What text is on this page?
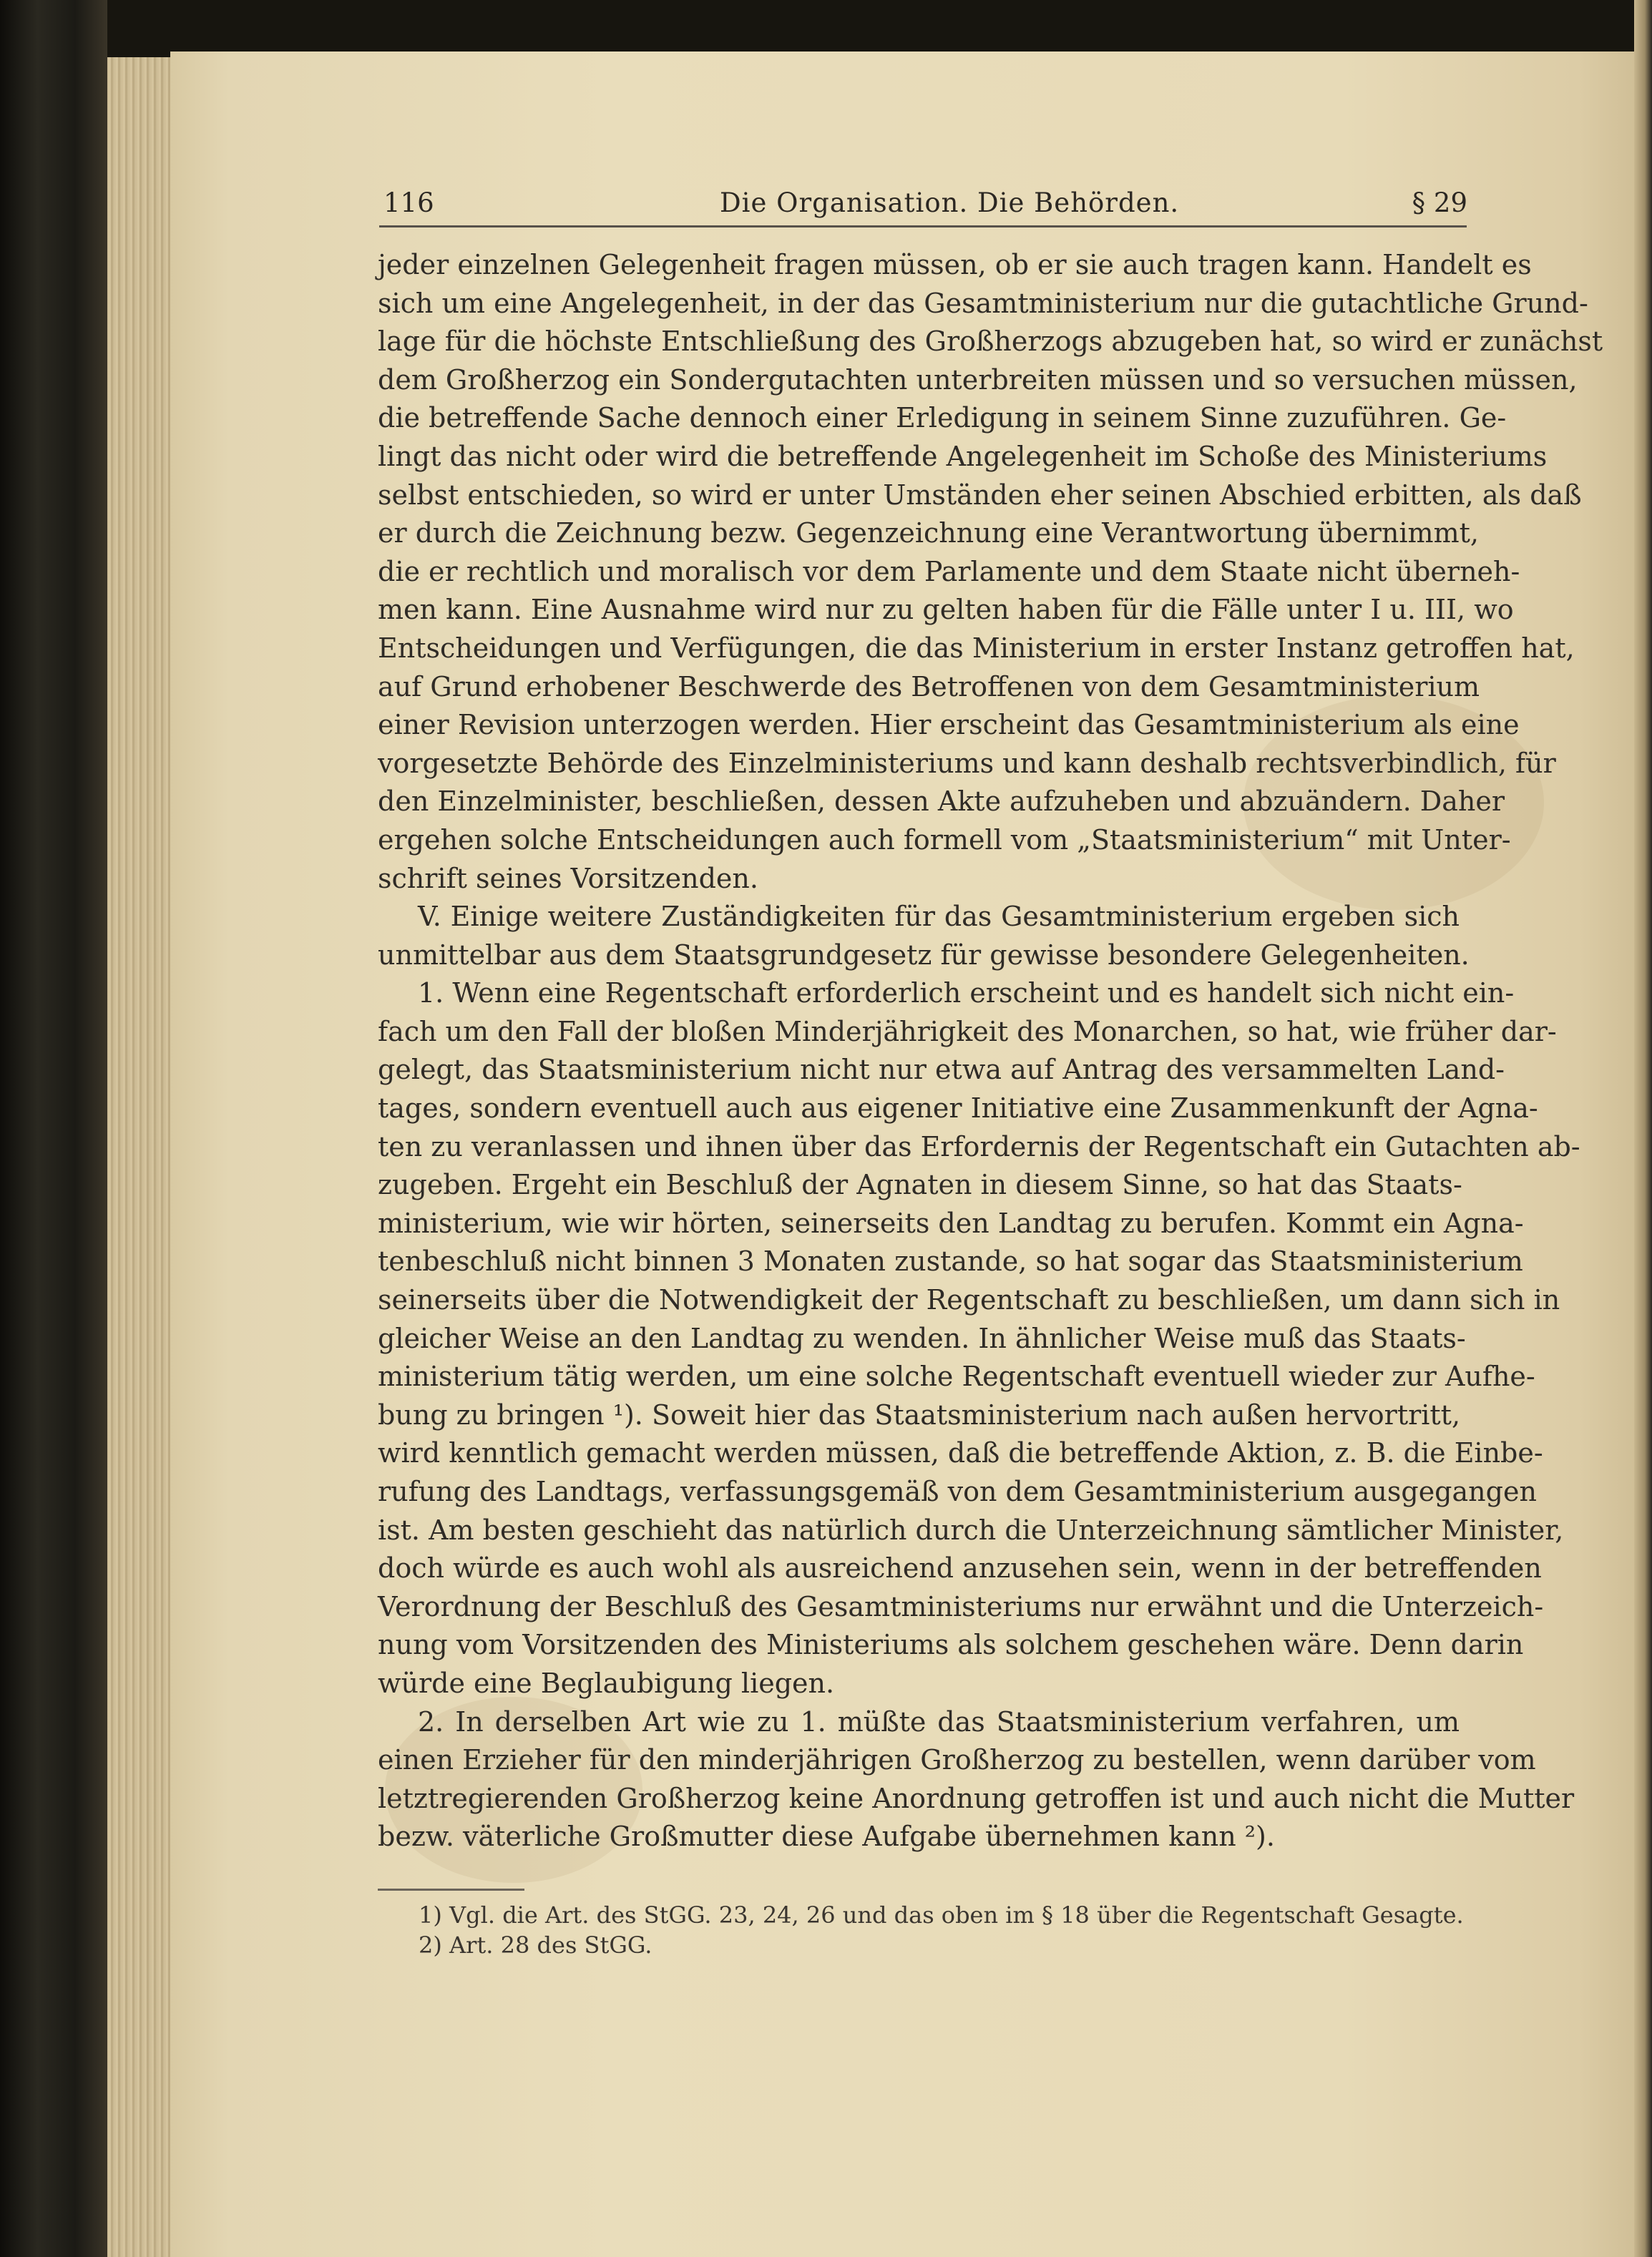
116	Die Organisation. Die Behörden.	§ 29
jeder einzelnen Gelegenheit fragen müssen, ob er sie auch tragen kann. Handelt es
sich um eine Angelegenheit, in der das Gesamtministerium nur die gutachtliche Grund-
lage für die höchste Entschließung des Großherzogs abzugeben hat, so wird er zunächst
dem Großherzog ein Sondergutachten unterbreiten müssen und so versuchen müssen,
die betreffende Sache dennoch einer Erledigung in seinem Sinne zuzuführen. Ge-
lingt das nicht oder wird die betreffende Angelegenheit im Schoße des Ministeriums
selbst entschieden, so wird er unter Umständen eher seinen Abschied erbitten, als daß
er durch die Zeichnung bezw. Gegenzeichnung eine Verantwortung übernimmt,
die er rechtlich und moralisch vor dem Parlamente und dem Staate nicht überneh-
men kann. Eine Ausnahme wird nur zu gelten haben für die Fälle unter I u. III, wo
Entscheidungen und Verfügungen, die das Ministerium in erster Instanz getroffen hat,
auf Grund erhobener Beschwerde des Betroffenen von dem Gesamtministerium
einer Revision unterzogen werden. Hier erscheint das Gesamtministerium als eine
vorgesetzte Behörde des Einzelministeriums und kann deshalb rechtsverbindlich, für
den Einzelminister, beschließen, dessen Akte aufzuheben und abzuändern. Daher
ergehen solche Entscheidungen auch formell vom „Staatsministerium“ mit Unter-
schrift seines Vorsitzenden.
V. Einige weitere Zuständigkeiten für das Gesamtministerium ergeben sich
unmittelbar aus dem Staatsgrundgesetz für gewisse besondere Gelegenheiten.
1. Wenn eine Regentschaft erforderlich erscheint und es handelt sich nicht ein-
fach um den Fall der bloßen Minderjährigkeit des Monarchen, so hat, wie früher dar-
gelegt, das Staatsministerium nicht nur etwa auf Antrag des versammelten Land-
tages, sondern eventuell auch aus eigener Initiative eine Zusammenkunft der Agna-
ten zu veranlassen und ihnen über das Erfordernis der Regentschaft ein Gutachten ab-
zugeben. Ergeht ein Beschluß der Agnaten in diesem Sinne, so hat das Staats-
ministerium, wie wir hörten, seinerseits den Landtag zu berufen. Kommt ein Agna-
tenbeschluß nicht binnen 3 Monaten zustande, so hat sogar das Staatsministerium
seinerseits über die Notwendigkeit der Regentschaft zu beschließen, um dann sich in
gleicher Weise an den Landtag zu wenden. In ähnlicher Weise muß das Staats-
ministerium tätig werden, um eine solche Regentschaft eventuell wieder zur Aufhe-
bung zu bringen ¹). Soweit hier das Staatsministerium nach außen hervortritt,
wird kenntlich gemacht werden müssen, daß die betreffende Aktion, z. B. die Einbe-
rufung des Landtags, verfassungsgemäß von dem Gesamtministerium ausgegangen
ist. Am besten geschieht das natürlich durch die Unterzeichnung sämtlicher Minister,
doch würde es auch wohl als ausreichend anzusehen sein, wenn in der betreffenden
Verordnung der Beschluß des Gesamtministeriums nur erwähnt und die Unterzeich-
nung vom Vorsitzenden des Ministeriums als solchem geschehen wäre. Denn darin
würde eine Beglaubigung liegen.
2. In derselben Art wie zu 1. müßte das Staatsministerium verfahren, um
einen Erzieher für den minderjährigen Großherzog zu bestellen, wenn darüber vom
letztregierenden Großherzog keine Anordnung getroffen ist und auch nicht die Mutter
bezw. väterliche Großmutter diese Aufgabe übernehmen kann ²).
1) Vgl. die Art. des StGG. 23, 24, 26 und das oben im § 18 über die Regentschaft Gesagte.
2) Art. 28 des StGG.
